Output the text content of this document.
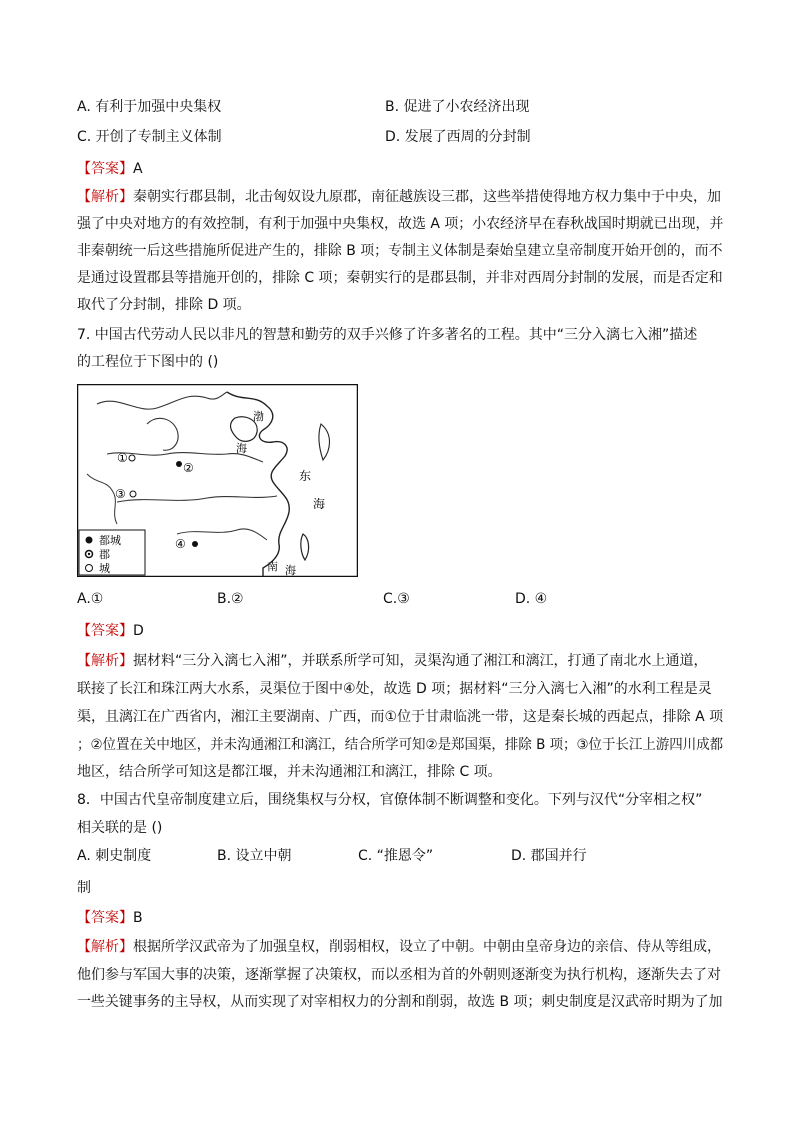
A. 有利于加强中央集权	B. 促进了小农经济出现
C. 开创了专制主义体制	D. 发展了西周的分封制
【答案】A
【解析】秦朝实行郡县制，北击匈奴设九原郡，南征越族设三郡，这些举措使得地方权力集中于中央，加
强了中央对地方的有效控制，有利于加强中央集权，故选 A 项；小农经济早在春秋战国时期就已出现，并
非秦朝统一后这些措施所促进产生的，排除 B 项；专制主义体制是秦始皇建立皇帝制度开始开创的，而不
是通过设置郡县等措施开创的，排除 C 项；秦朝实行的是郡县制，并非对西周分封制的发展，而是否定和
取代了分封制，排除 D 项。
7. 中国古代劳动人民以非凡的智慧和勤劳的双手兴修了许多著名的工程。其中“三分入漓七入湘”描述
的工程位于下图中的 ()
渤
海
东
海
南 海
①
②
③
④
都城
郡
城
A.①	B.②	C.③	D. ④
【答案】D
【解析】据材料“三分入漓七入湘”，并联系所学可知，灵渠沟通了湘江和漓江，打通了南北水上通道，
联接了长江和珠江两大水系，灵渠位于图中④处，故选 D 项；据材料“三分入漓七入湘”的水利工程是灵
渠，且漓江在广西省内，湘江主要湖南、广西，而①位于甘肃临洮一带，这是秦长城的西起点，排除 A 项
；②位置在关中地区，并未沟通湘江和漓江，结合所学可知②是郑国渠，排除 B 项；③位于长江上游四川成都
地区，结合所学可知这是都江堰，并未沟通湘江和漓江，排除 C 项。
8．中国古代皇帝制度建立后，围绕集权与分权，官僚体制不断调整和变化。下列与汉代“分宰相之权”
相关联的是 ()
A. 刺史制度	B. 设立中朝	C. “推恩令”	D. 郡国并行
制
【答案】B
【解析】根据所学汉武帝为了加强皇权，削弱相权，设立了中朝。中朝由皇帝身边的亲信、侍从等组成，
他们参与军国大事的决策，逐渐掌握了决策权，而以丞相为首的外朝则逐渐变为执行机构，逐渐失去了对
一些关键事务的主导权，从而实现了对宰相权力的分割和削弱，故选 B 项；刺史制度是汉武帝时期为了加
